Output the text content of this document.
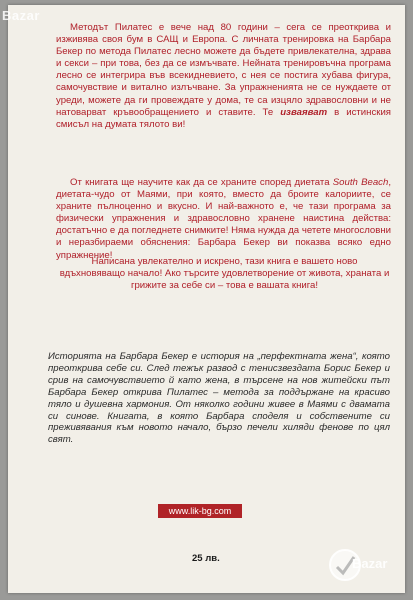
Методът Пилатес е вече над 80 години – сега се преоткрива и изживява своя бум в САЩ и Европа. С личната тренировка на Барбара Бекер по метода Пилатес лесно можете да бъдете привлекателна, здрава и секси – при това, без да се измъчвате. Нейната тренировъчна програма лесно се интегрира във всекидневието, с нея се постига хубава фигура, самочувствие и витално излъчване. За упражненията не се нуждаете от уреди, можете да ги провеждате у дома, те са изцяло здравословни и не натоварват кръвообращението и ставите. Те изваяват в истинския смисъл на думата тялото ви!

От книгата ще научите как да се храните според диетата South Beach, диетата-чудо от Маями, при която, вместо да броите калориите, се храните пълноценно и вкусно. И най-важното е, че тази програма за физически упражнения и здравословно хранене наистина действа: достатъчно е да погледнете снимките! Няма нужда да четете многословни и неразбираеми обяснения: Барбара Бекер ви показва всяко едно упражнение!

Написана увлекателно и искрено, тази книга е вашето ново вдъхновяващо начало! Ако търсите удовлетворение от живота, храната и грижите за себе си – това е вашата книга!

Историята на Барбара Бекер е история на „перфектната жена“, която преоткрива себе си. След тежък развод с тенисзвездата Борис Бекер и срив на самочувствието й като жена, в търсене на нов житейски път Барбара Бекер открива Пилатес – метода за поддържане на красиво тяло и душевна хармония. От няколко години живее в Маями с двамата си синове. Книгата, в която Барбара споделя и собствените си преживявания към новото начало, бързо печели хиляди фенове по цял свят.

www.lik-bg.com
25 лв.
Bazar
Bazar
